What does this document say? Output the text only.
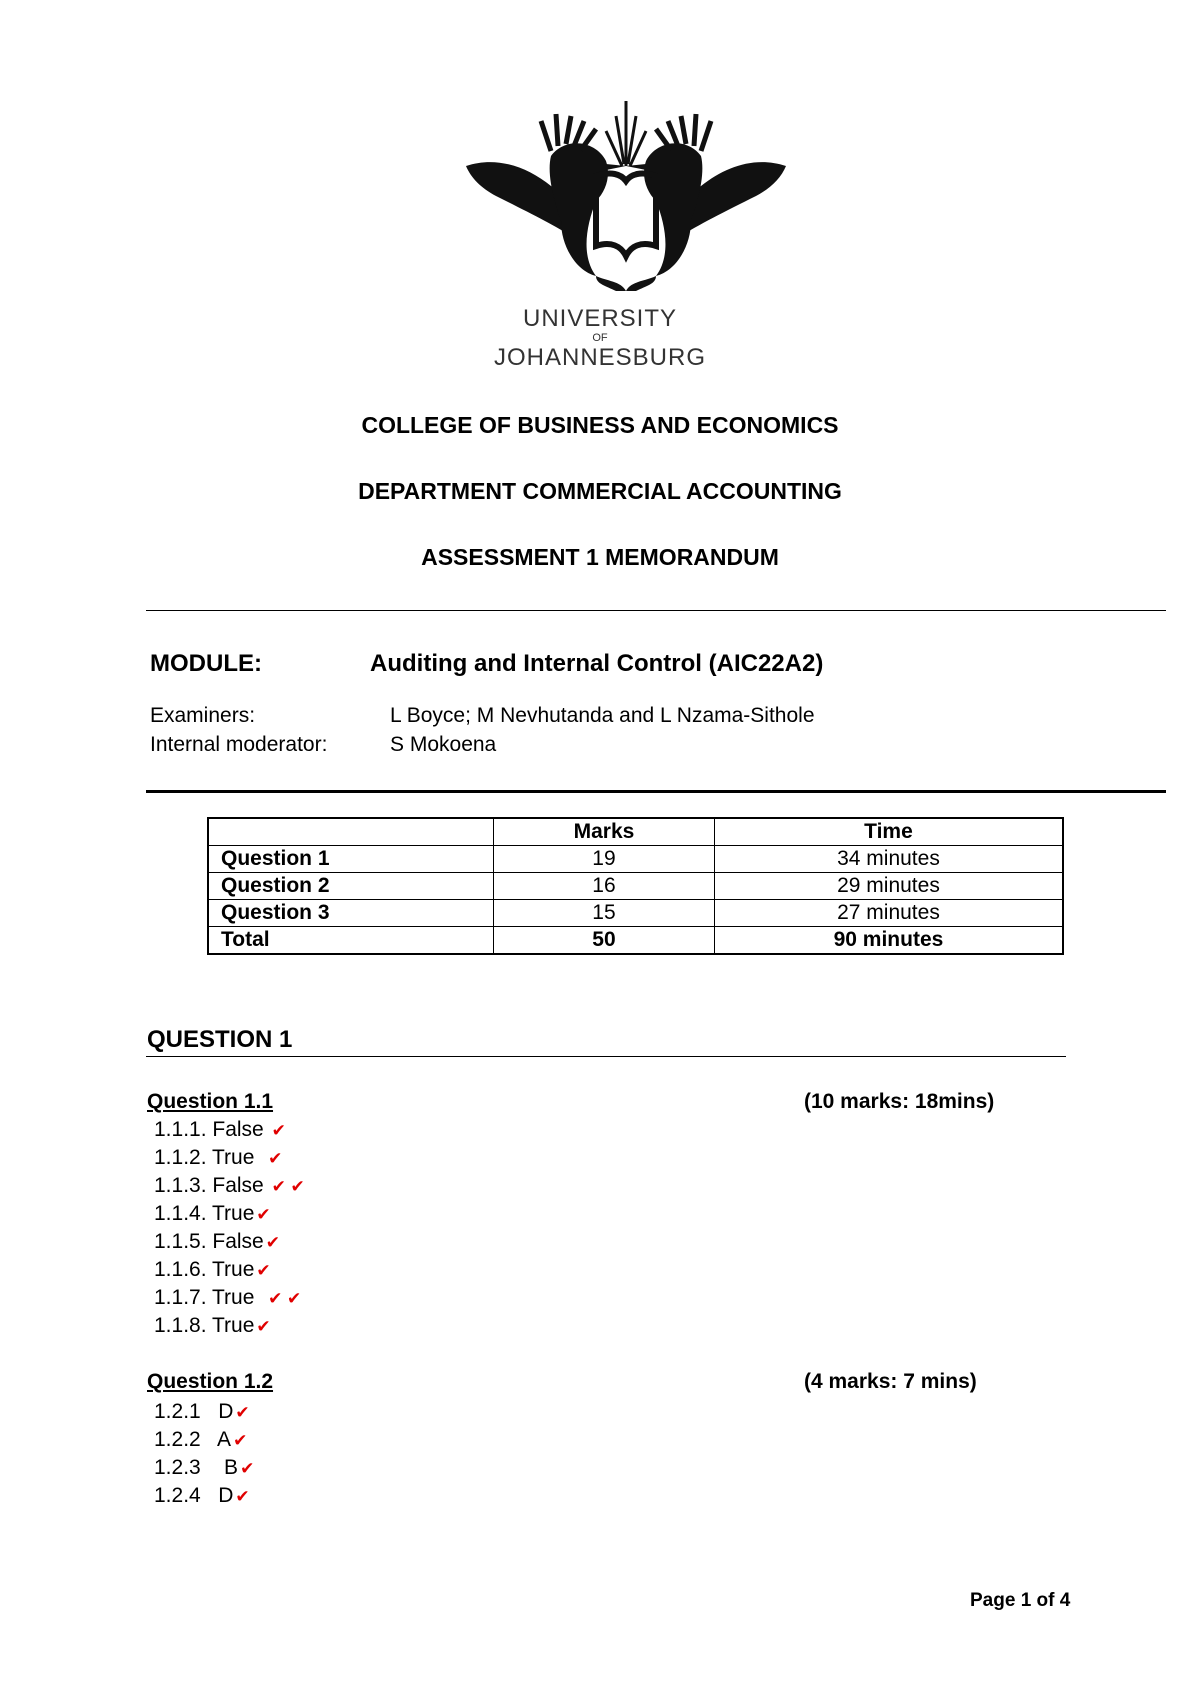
UNIVERSITY
OF
JOHANNESBURG
COLLEGE OF BUSINESS AND ECONOMICS
DEPARTMENT COMMERCIAL ACCOUNTING
ASSESSMENT 1 MEMORANDUM
MODULE:	Auditing and Internal Control (AIC22A2)
Examiners:	L Boyce; M Nevhutanda and L Nzama-Sithole
Internal moderator:	S Mokoena
	Marks	Time
Question 1	19	34 minutes
Question 2	16	29 minutes
Question 3	15	27 minutes
Total	50	90 minutes
QUESTION 1
Question 1.1	(10 marks: 18mins)
1.1.1. False ✔
1.1.2. True  ✔
1.1.3. False ✔ ✔
1.1.4. True ✔
1.1.5. False ✔
1.1.6. True ✔
1.1.7. True  ✔ ✔
1.1.8. True ✔
Question 1.2	(4 marks: 7 mins)
1.2.1   D ✔
1.2.2   A ✔
1.2.3    B ✔
1.2.4   D ✔
Page 1 of 4
